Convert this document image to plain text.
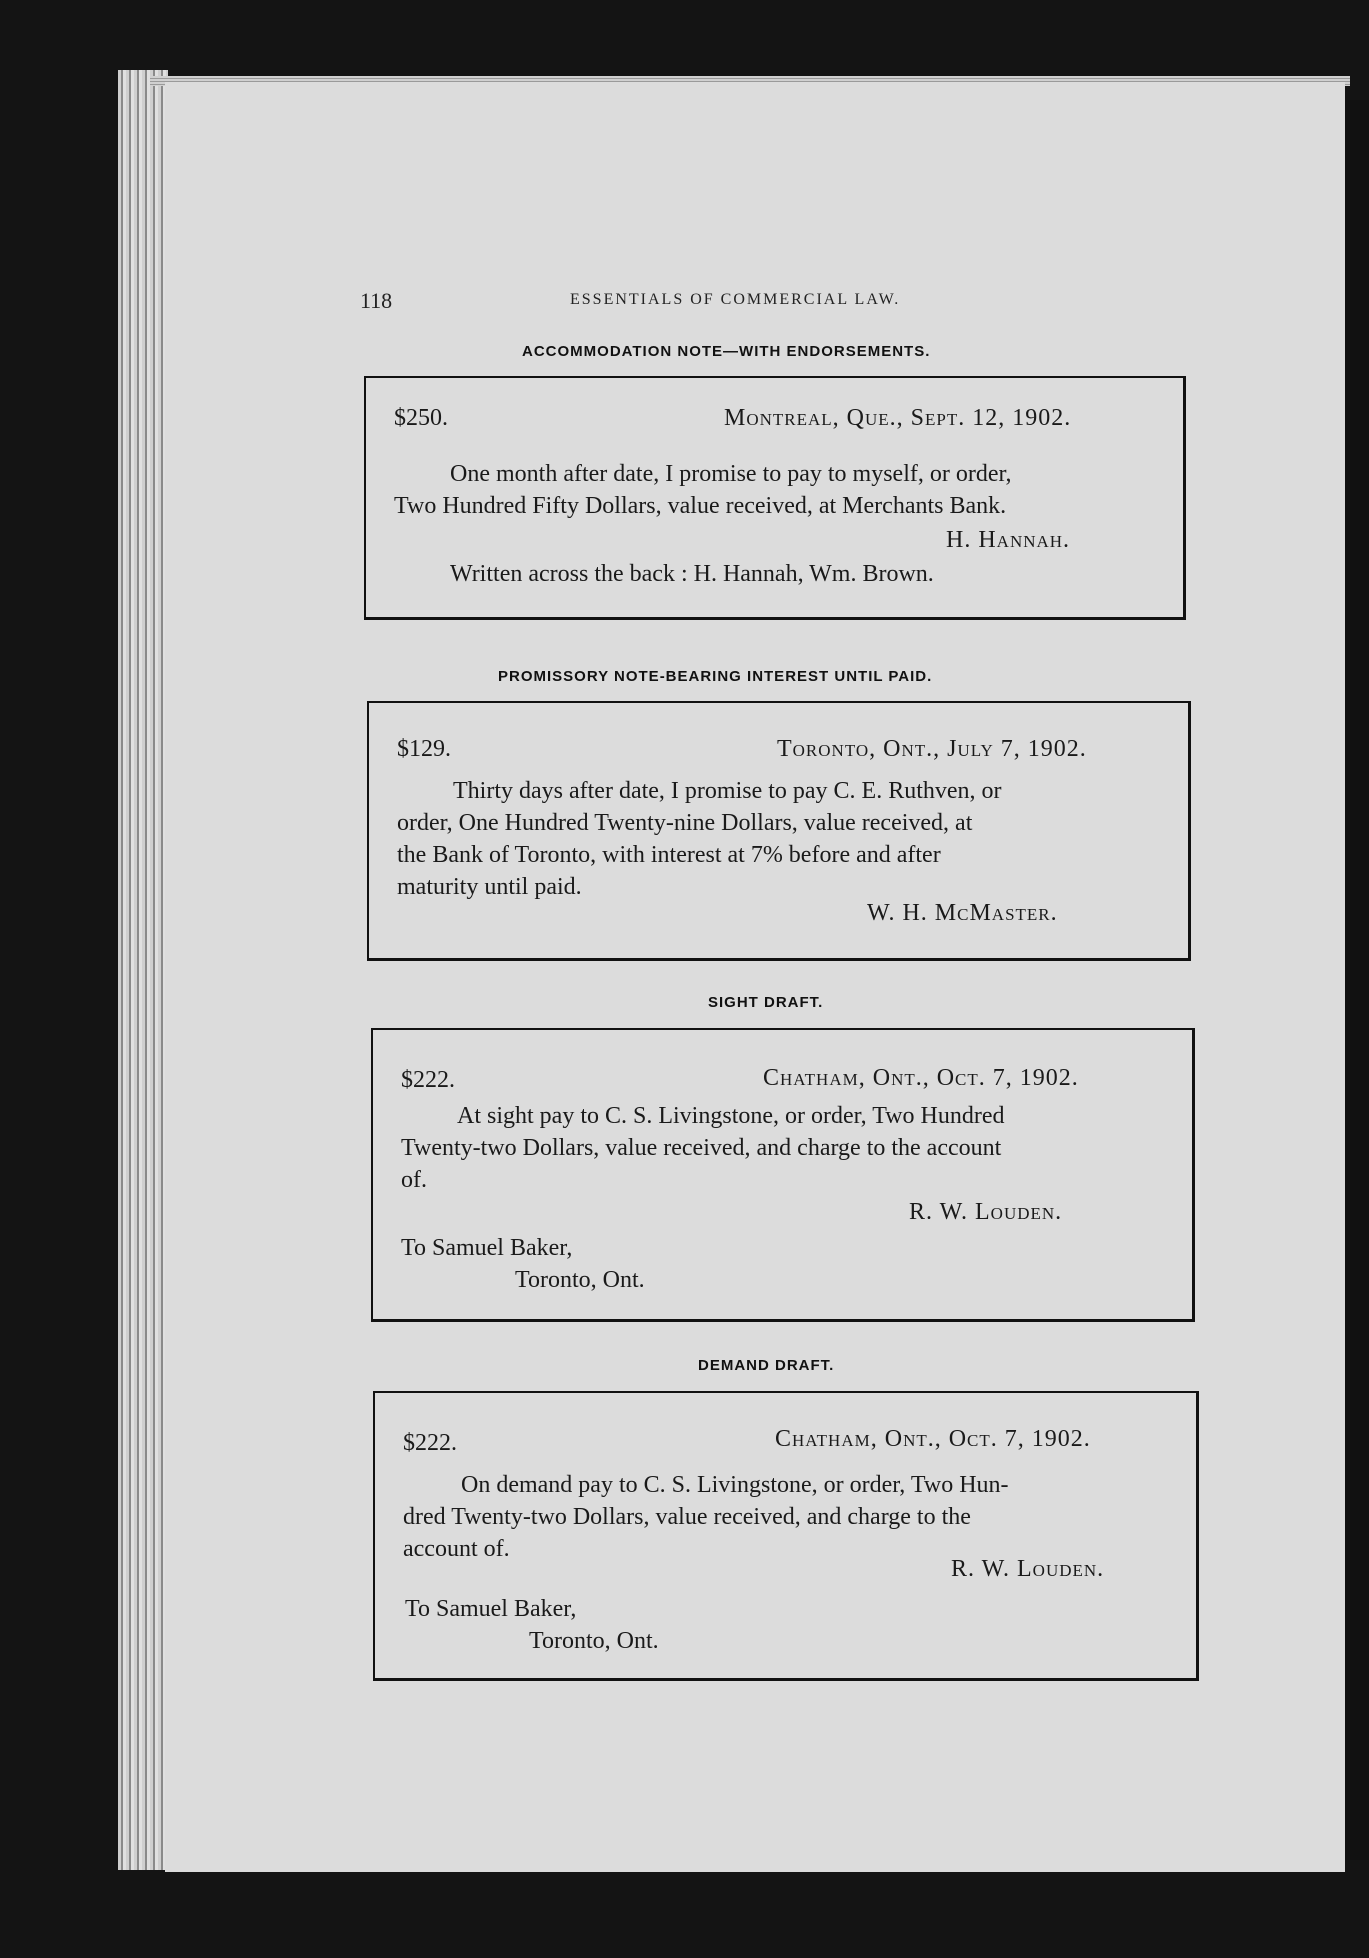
118	ESSENTIALS OF COMMERCIAL LAW.
ACCOMMODATION NOTE—WITH ENDORSEMENTS.
$250.	Montreal, Que., Sept. 12, 1902.
One month after date, I promise to pay to myself, or order,
Two Hundred Fifty Dollars, value received, at Merchants Bank.
H. Hannah.
Written across the back : H. Hannah, Wm. Brown.
PROMISSORY NOTE-BEARING INTEREST UNTIL PAID.
$129.	Toronto, Ont., July 7, 1902.
Thirty days after date, I promise to pay C. E. Ruthven, or
order, One Hundred Twenty-nine Dollars, value received, at
the Bank of Toronto, with interest at 7% before and after
maturity until paid.
W. H. McMaster.
SIGHT DRAFT.
$222.	Chatham, Ont., Oct. 7, 1902.
At sight pay to C. S. Livingstone, or order, Two Hundred
Twenty-two Dollars, value received, and charge to the account
of.
R. W. Louden.
To Samuel Baker,
Toronto, Ont.
DEMAND DRAFT.
$222.	Chatham, Ont., Oct. 7, 1902.
On demand pay to C. S. Livingstone, or order, Two Hun-
dred Twenty-two Dollars, value received, and charge to the
account of.
R. W. Louden.
To Samuel Baker,
Toronto, Ont.
